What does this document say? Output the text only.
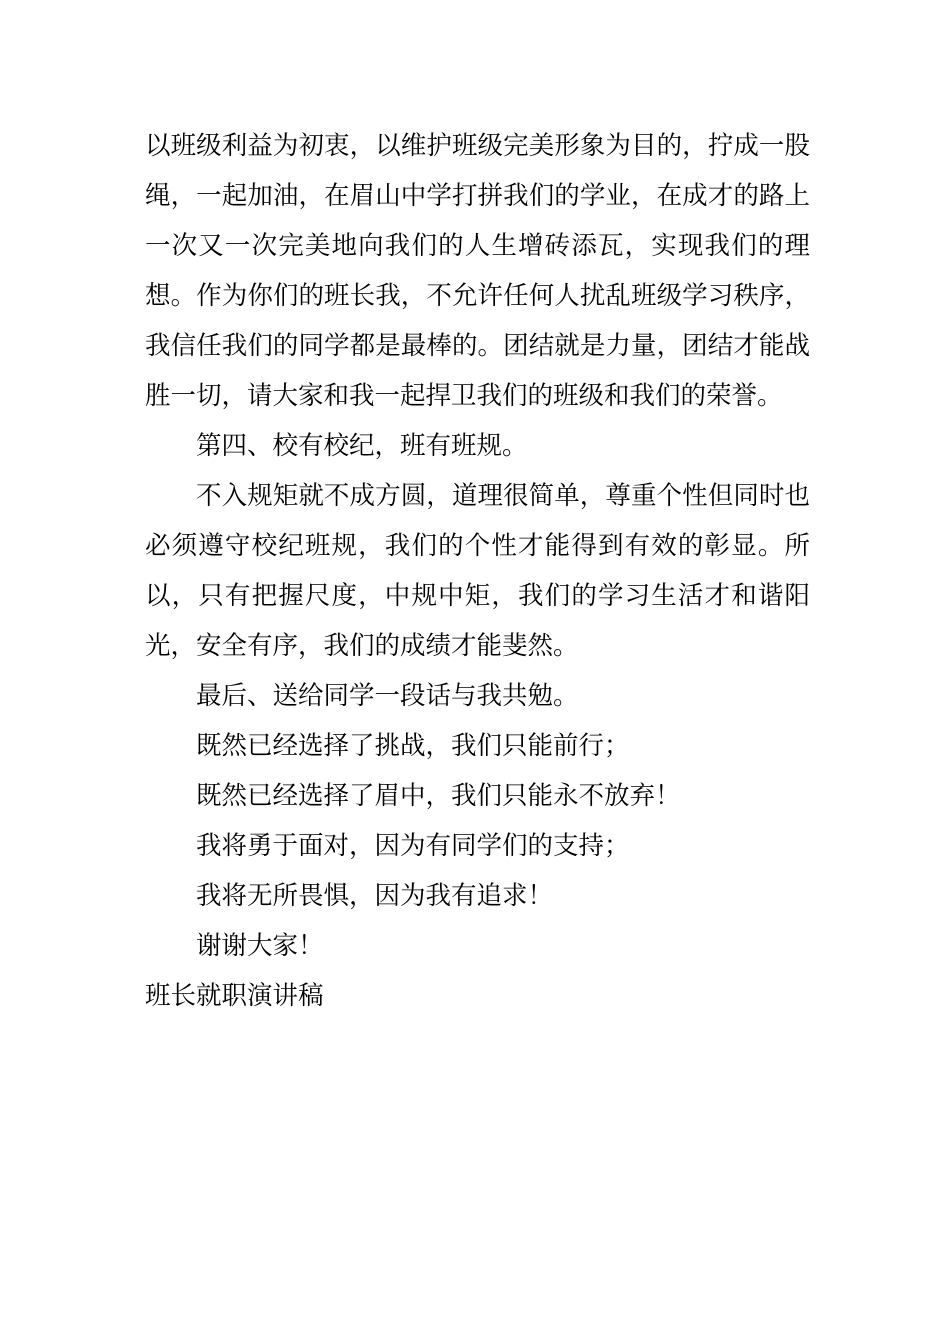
以班级利益为初衷，以维护班级完美形象为目的，拧成一股绳，一起加油，在眉山中学打拼我们的学业，在成才的路上一次又一次完美地向我们的人生增砖添瓦，实现我们的理想。作为你们的班长我，不允许任何人扰乱班级学习秩序，我信任我们的同学都是最棒的。团结就是力量，团结才能战胜一切，请大家和我一起捍卫我们的班级和我们的荣誉。

第四、校有校纪，班有班规。

不入规矩就不成方圆，道理很简单，尊重个性但同时也必须遵守校纪班规，我们的个性才能得到有效的彰显。所以，只有把握尺度，中规中矩，我们的学习生活才和谐阳光，安全有序，我们的成绩才能斐然。

最后、送给同学一段话与我共勉。

既然已经选择了挑战，我们只能前行；

既然已经选择了眉中，我们只能永不放弃！

我将勇于面对，因为有同学们的支持；

我将无所畏惧，因为我有追求！

谢谢大家！

班长就职演讲稿
